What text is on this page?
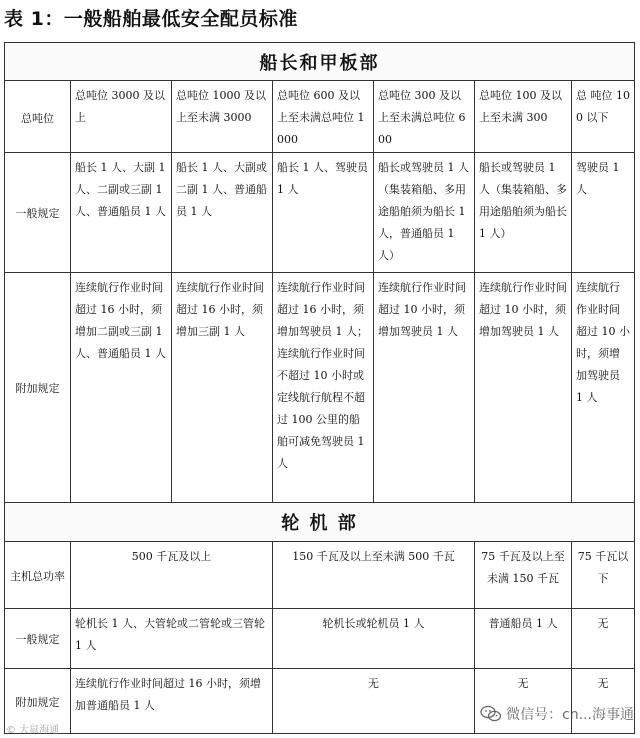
表 1：一般船舶最低安全配员标准
船长和甲板部						
总吨位	总吨位 3000 及以上	总吨位 1000 及以上至未满 3000	总吨位 600 及以上至未满总吨位 1000	总吨位 300 及以上至未满总吨位 600	总吨位 100 及以上至未满 300	总 吨位 100 以下
一般规定	船长 1 人、大副 1 人、二副或三副 1 人、普通船员 1 人	船长 1 人、大副或二副 1 人、普通船员 1 人	船长 1 人、驾驶员 1 人	船长或驾驶员 1 人（集装箱船、多用途船舶须为船长 1 人，普通船员 1 人）	船长或驾驶员 1 人（集装箱船、多用途船舶须为船长 1 人）	驾驶员 1 人
附加规定	连续航行作业时间超过 16 小时，须增加二副或三副 1 人、普通船员 1 人	连续航行作业时间超过 16 小时，须增加三副 1 人	连续航行作业时间超过 16 小时，须增加驾驶员 1 人；连续航行作业时间不超过 10 小时或定线航行航程不超过 100 公里的船舶可减免驾驶员 1 人	连续航行作业时间超过 10 小时，须增加驾驶员 1 人	连续航行作业时间超过 10 小时，须增加驾驶员 1 人	连续航行作业时间超过 10 小时，须增加驾驶员 1 人
轮 机 部						
主机总功率	500 千瓦及以上		150 千瓦及以上至未满 500 千瓦		75 千瓦及以上至未满 150 千瓦	75 千瓦以下
一般规定	轮机长 1 人、大管轮或二管轮或三管轮 1 人		轮机长或轮机员 1 人		普通船员 1 人	无
附加规定	连续航行作业时间超过 16 小时，须增加普通船员 1 人		无		无	无
微信号：cn...海事通
© 大鼠海通
